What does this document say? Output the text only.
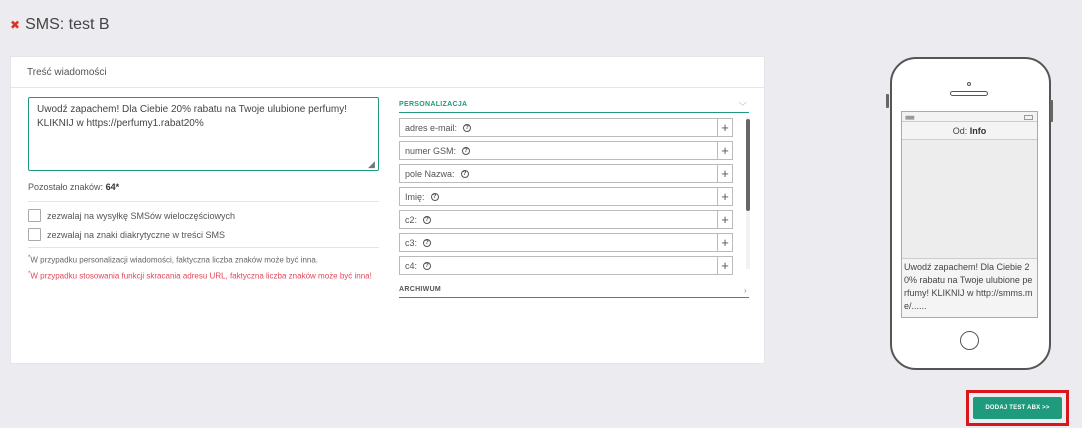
✖ SMS: test B
Treść wiadomości
Uwodź zapachem! Dla Ciebie 20% rabatu na Twoje ulubione perfumy! KLIKNIJ w https://perfumy1.rabat20%
◢
Pozostało znaków: 64*
zezwalaj na wysyłkę SMSów wieloczęściowych
zezwalaj na znaki diakrytyczne w treści SMS
*W przypadku personalizacji wiadomości, faktyczna liczba znaków może być inna.
*W przypadku stosowania funkcji skracania adresu URL, faktyczna liczba znaków może być inna!
PERSONALIZACJA	﹀
adres e-mail:	?	+
numer GSM:	?	+
pole Nazwa:	?	+
Imię:	?	+
c2:	?	+
c3:	?	+
c4:	?	+
ARCHIWUM	›
▮▮▮▮▮
Od: Info
Uwodź zapachem! Dla Ciebie 20% rabatu na Twoje ulubione perfumy! KLIKNIJ w http://smms.me/......
DODAJ TEST ABX >>
